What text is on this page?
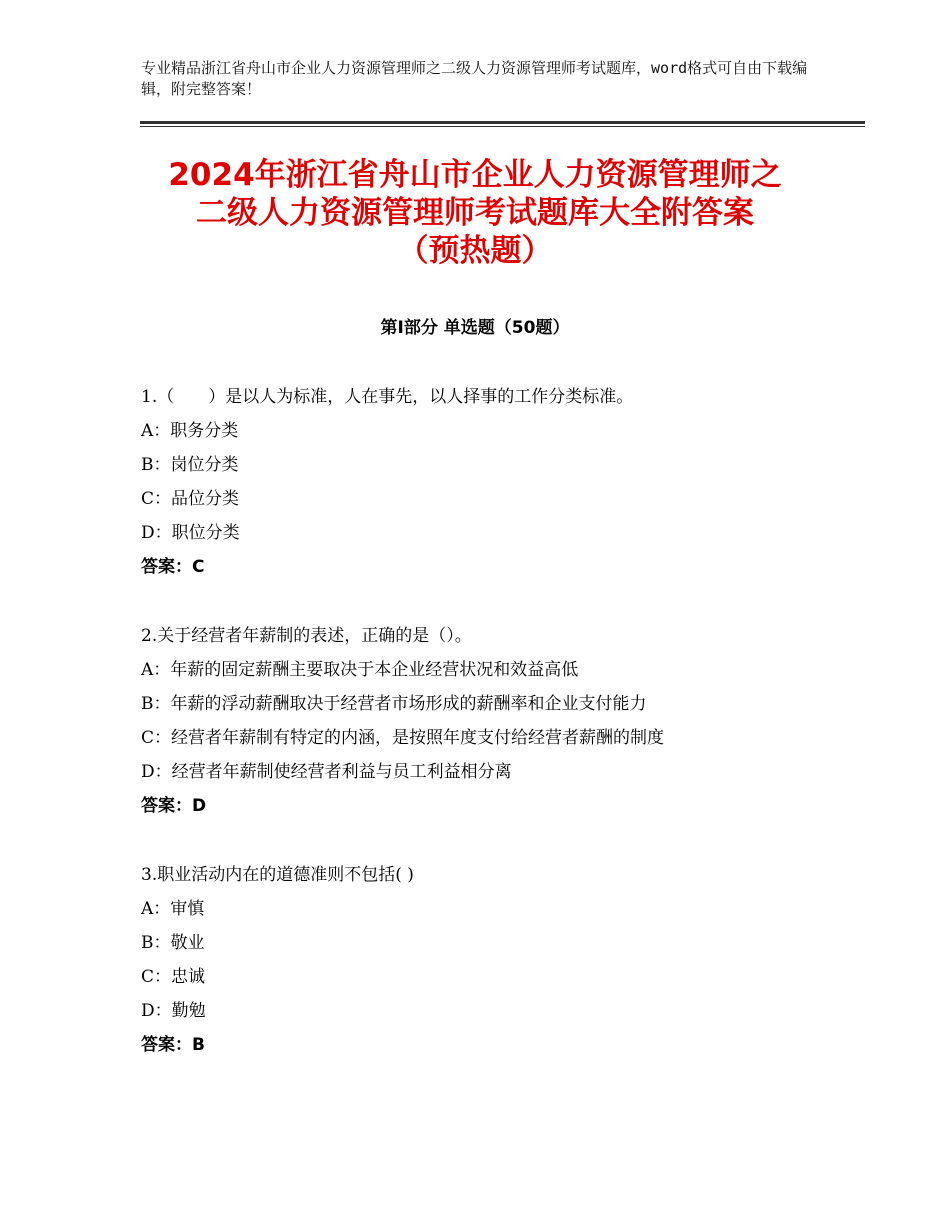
专业精品浙江省舟山市企业人力资源管理师之二级人力资源管理师考试题库，word格式可自由下载编辑，附完整答案！
2024年浙江省舟山市企业人力资源管理师之
二级人力资源管理师考试题库大全附答案
（预热题）
第Ⅰ部分 单选题（50题）
1.（　　）是以人为标准，人在事先，以人择事的工作分类标准。
A：职务分类
B：岗位分类
C：品位分类
D：职位分类
答案：C
2.关于经营者年薪制的表述，正确的是（）。
A：年薪的固定薪酬主要取决于本企业经营状况和效益高低
B：年薪的浮动薪酬取决于经营者市场形成的薪酬率和企业支付能力
C：经营者年薪制有特定的内涵，是按照年度支付给经营者薪酬的制度
D：经营者年薪制使经营者利益与员工利益相分离
答案：D
3.职业活动内在的道德准则不包括( )
A：审慎
B：敬业
C：忠诚
D：勤勉
答案：B
